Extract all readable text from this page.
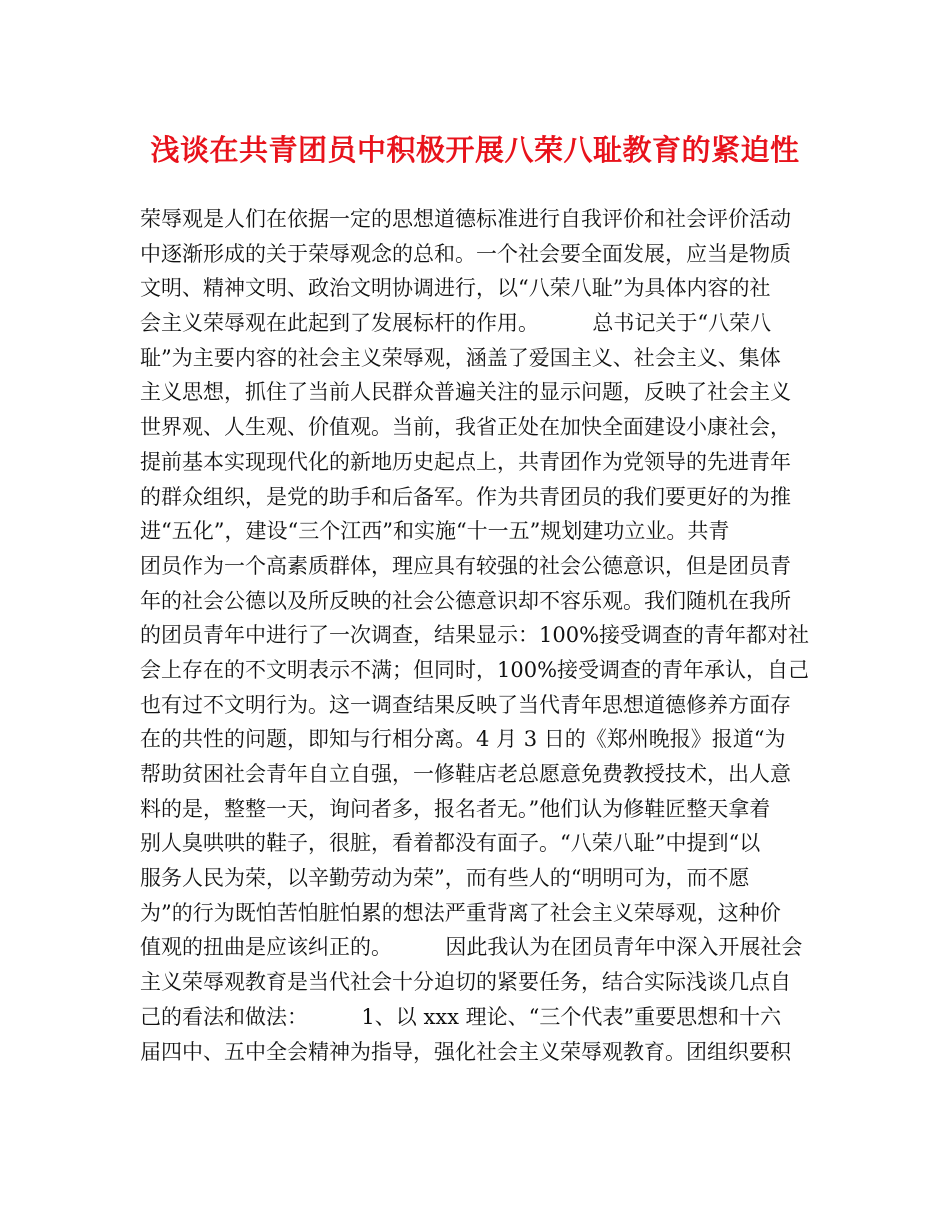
浅谈在共青团员中积极开展八荣八耻教育的紧迫性
荣辱观是人们在依据一定的思想道德标准进行自我评价和社会评价活动
中逐渐形成的关于荣辱观念的总和。一个社会要全面发展，应当是物质
文明、精神文明、政治文明协调进行，以“八荣八耻”为具体内容的社
会主义荣辱观在此起到了发展标杆的作用。        总书记关于“八荣八
耻”为主要内容的社会主义荣辱观，涵盖了爱国主义、社会主义、集体
主义思想，抓住了当前人民群众普遍关注的显示问题，反映了社会主义
世界观、人生观、价值观。当前，我省正处在加快全面建设小康社会，
提前基本实现现代化的新地历史起点上，共青团作为党领导的先进青年
的群众组织，是党的助手和后备军。作为共青团员的我们要更好的为推
进“五化”，建设“三个江西”和实施“十一五”规划建功立业。共青
团员作为一个高素质群体，理应具有较强的社会公德意识，但是团员青
年的社会公德以及所反映的社会公德意识却不容乐观。我们随机在我所
的团员青年中进行了一次调查，结果显示：100%接受调查的青年都对社
会上存在的不文明表示不满；但同时，100%接受调查的青年承认，自己
也有过不文明行为。这一调查结果反映了当代青年思想道德修养方面存
在的共性的问题，即知与行相分离。4 月 3 日的《郑州晚报》报道“为
帮助贫困社会青年自立自强，一修鞋店老总愿意免费教授技术，出人意
料的是，整整一天，询问者多，报名者无。”他们认为修鞋匠整天拿着
别人臭哄哄的鞋子，很脏，看着都没有面子。“八荣八耻”中提到“以
服务人民为荣，以辛勤劳动为荣”，而有些人的“明明可为，而不愿
为”的行为既怕苦怕脏怕累的想法严重背离了社会主义荣辱观，这种价
值观的扭曲是应该纠正的。        因此我认为在团员青年中深入开展社会
主义荣辱观教育是当代社会十分迫切的紧要任务，结合实际浅谈几点自
己的看法和做法：        1、以 xxx 理论、“三个代表”重要思想和十六
届四中、五中全会精神为指导，强化社会主义荣辱观教育。团组织要积
